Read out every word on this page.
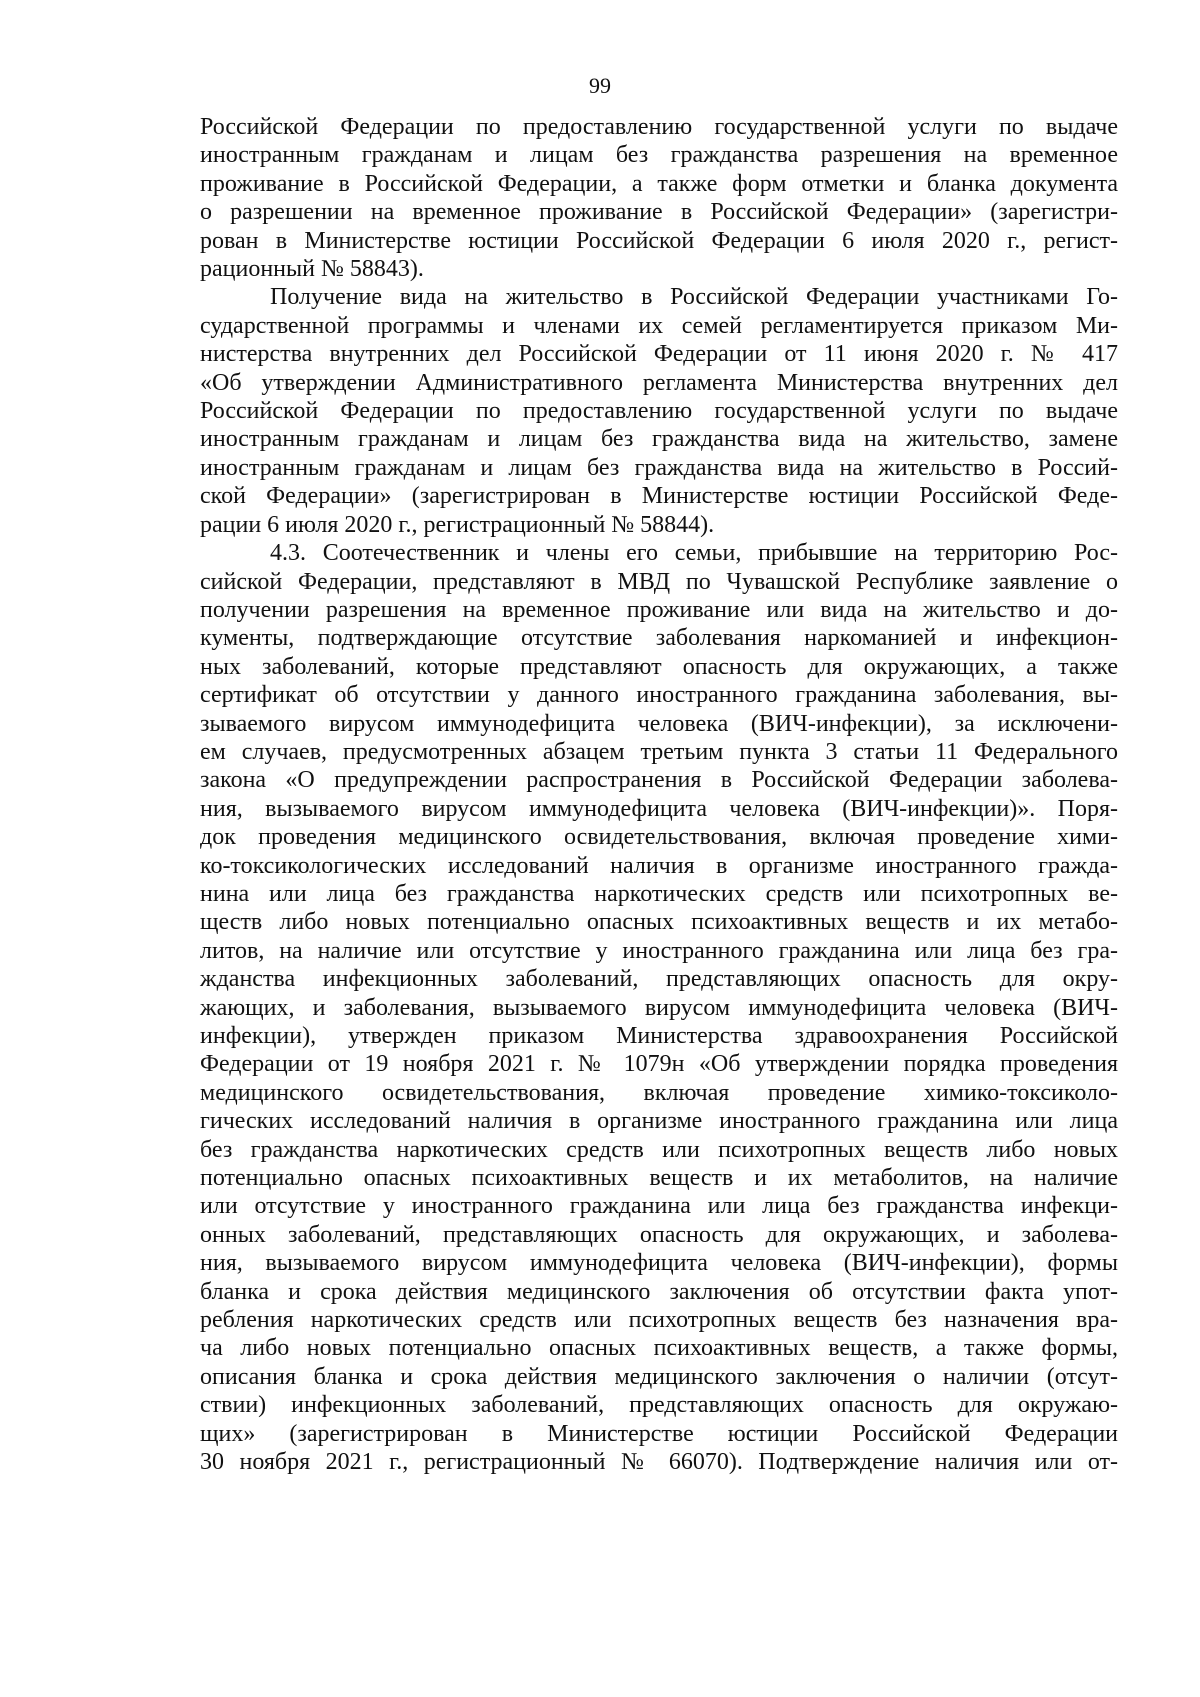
99
Российской Федерации по предоставлению государственной услуги по выдаче
иностранным гражданам и лицам без гражданства разрешения на временное
проживание в Российской Федерации, а также форм отметки и бланка документа
о разрешении на временное проживание в Российской Федерации» (зарегистри-
рован в Министерстве юстиции Российской Федерации 6 июля 2020 г., регист-
рационный № 58843).
Получение вида на жительство в Российской Федерации участниками Го-
сударственной программы и членами их семей регламентируется приказом Ми-
нистерства внутренних дел Российской Федерации от 11 июня 2020 г. № 417
«Об утверждении Административного регламента Министерства внутренних дел
Российской Федерации по предоставлению государственной услуги по выдаче
иностранным гражданам и лицам без гражданства вида на жительство, замене
иностранным гражданам и лицам без гражданства вида на жительство в Россий-
ской Федерации» (зарегистрирован в Министерстве юстиции Российской Феде-
рации 6 июля 2020 г., регистрационный № 58844).
4.3. Соотечественник и члены его семьи, прибывшие на территорию Рос-
сийской Федерации, представляют в МВД по Чувашской Республике заявление о
получении разрешения на временное проживание или вида на жительство и до-
кументы, подтверждающие отсутствие заболевания наркоманией и инфекцион-
ных заболеваний, которые представляют опасность для окружающих, а также
сертификат об отсутствии у данного иностранного гражданина заболевания, вы-
зываемого вирусом иммунодефицита человека (ВИЧ-инфекции), за исключени-
ем случаев, предусмотренных абзацем третьим пункта 3 статьи 11 Федерального
закона «О предупреждении распространения в Российской Федерации заболева-
ния, вызываемого вирусом иммунодефицита человека (ВИЧ-инфекции)». Поря-
док проведения медицинского освидетельствования, включая проведение хими-
ко-токсикологических исследований наличия в организме иностранного гражда-
нина или лица без гражданства наркотических средств или психотропных ве-
ществ либо новых потенциально опасных психоактивных веществ и их метабо-
литов, на наличие или отсутствие у иностранного гражданина или лица без гра-
жданства инфекционных заболеваний, представляющих опасность для окру-
жающих, и заболевания, вызываемого вирусом иммунодефицита человека (ВИЧ-
инфекции), утвержден приказом Министерства здравоохранения Российской
Федерации от 19 ноября 2021 г. № 1079н «Об утверждении порядка проведения
медицинского освидетельствования, включая проведение химико-токсиколо-
гических исследований наличия в организме иностранного гражданина или лица
без гражданства наркотических средств или психотропных веществ либо новых
потенциально опасных психоактивных веществ и их метаболитов, на наличие
или отсутствие у иностранного гражданина или лица без гражданства инфекци-
онных заболеваний, представляющих опасность для окружающих, и заболева-
ния, вызываемого вирусом иммунодефицита человека (ВИЧ-инфекции), формы
бланка и срока действия медицинского заключения об отсутствии факта упот-
ребления наркотических средств или психотропных веществ без назначения вра-
ча либо новых потенциально опасных психоактивных веществ, а также формы,
описания бланка и срока действия медицинского заключения о наличии (отсут-
ствии) инфекционных заболеваний, представляющих опасность для окружаю-
щих» (зарегистрирован в Министерстве юстиции Российской Федерации
30 ноября 2021 г., регистрационный № 66070). Подтверждение наличия или от-
